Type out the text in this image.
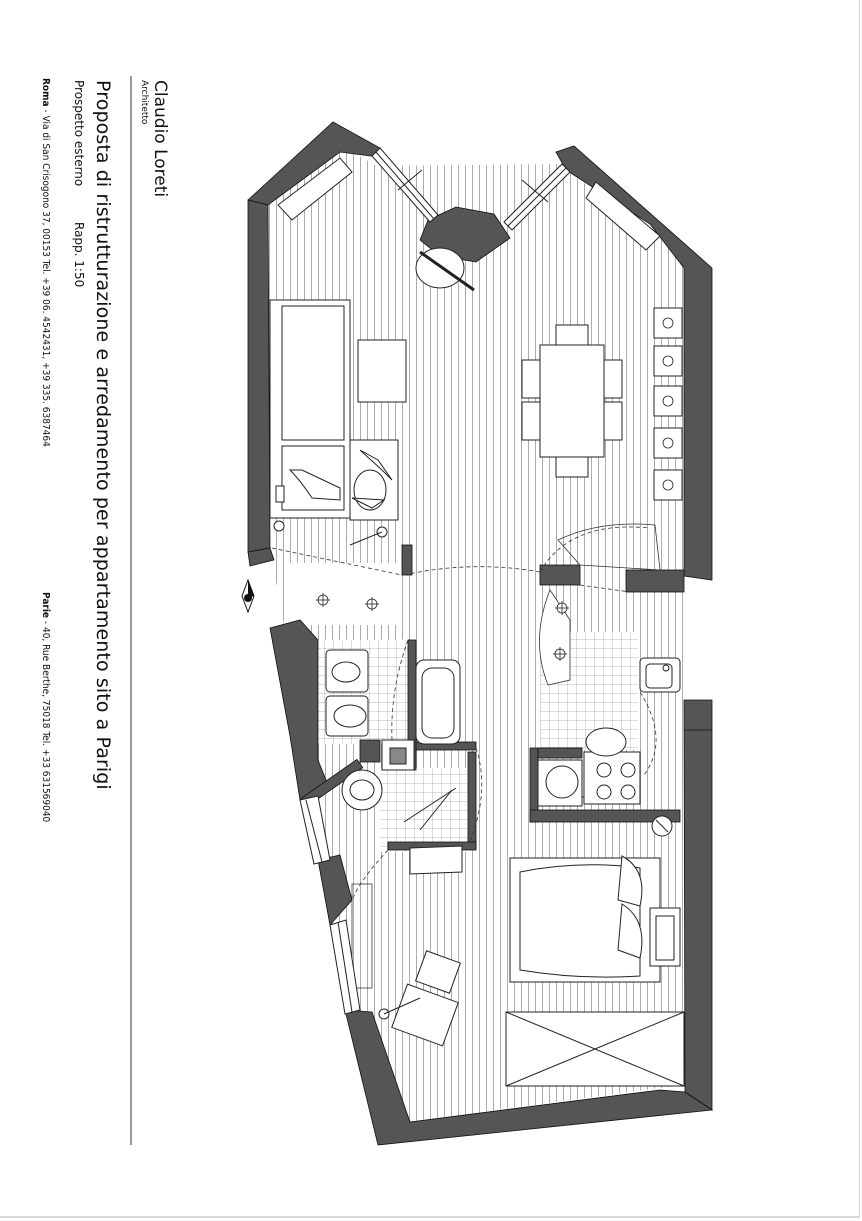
Claudio Loreti
Architetto
Proposta di ristrutturazione e arredamento per appartamento sito a Parigi
Prospetto esterno
Rapp. 1:50
Roma - Via di San Crisogono 37, 00153 Tel. +39 06. 4542431, +39 335. 6387464
Parie - 40, Rue Berthe, 75018 Tel. +33 631569040
